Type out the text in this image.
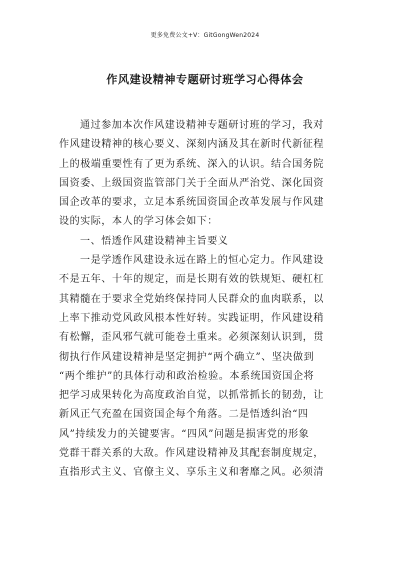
更多免费公文+V：GitGongWen2024
作风建设精神专题研讨班学习心得体会
通过参加本次作风建设精神专题研讨班的学习，我对
作风建设精神的核心要义、深刻内涵及其在新时代新征程
上的极端重要性有了更为系统、深入的认识。结合国务院
国资委、上级国资监管部门关于全面从严治党、深化国资
国企改革的要求，立足本系统国资国企改革发展与作风建
设的实际，本人的学习体会如下：
一、悟透作风建设精神主旨要义
一是学透作风建设永远在路上的恒心定力。作风建设
不是五年、十年的规定，而是长期有效的铁规矩、硬杠杠
其精髓在于要求全党始终保持同人民群众的血肉联系，以
上率下推动党风政风根本性好转。实践证明，作风建设稍
有松懈，歪风邪气就可能卷土重来。必须深刻认识到，贯
彻执行作风建设精神是坚定拥护“两个确立”、坚决做到
“两个维护”的具体行动和政治检验。本系统国资国企将
把学习成果转化为高度政治自觉，以抓常抓长的韧劲，让
新风正气充盈在国资国企每个角落。二是悟透纠治“四
风”持续发力的关键要害。“四风”问题是损害党的形象
党群干群关系的大敌。作风建设精神及其配套制度规定，
直指形式主义、官僚主义、享乐主义和奢靡之风。必须清
